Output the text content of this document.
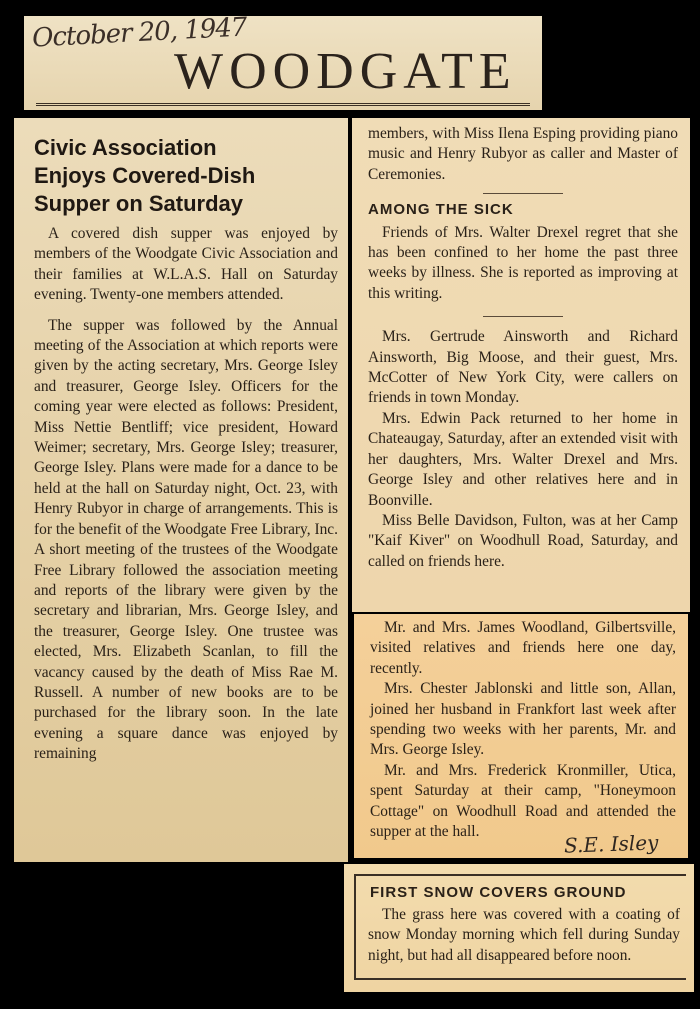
October 20, 1947
WOODGATE
Civic Association
Enjoys Covered-Dish
Supper on Saturday

A covered dish supper was enjoyed by members of the Woodgate Civic Association and their families at W.L.A.S. Hall on Saturday evening. Twenty-one members attended.

The supper was followed by the Annual meeting of the Association at which reports were given by the acting secretary, Mrs. George Isley and treasurer, George Isley. Officers for the coming year were elected as follows: President, Miss Nettie Bentliff; vice president, Howard Weimer; secretary, Mrs. George Isley; treasurer, George Isley. Plans were made for a dance to be held at the hall on Saturday night, Oct. 23, with Henry Rubyor in charge of arrangements. This is for the benefit of the Woodgate Free Library, Inc. A short meeting of the trustees of the Woodgate Free Library followed the association meeting and reports of the library were given by the secretary and librarian, Mrs. George Isley, and the treasurer, George Isley. One trustee was elected, Mrs. Elizabeth Scanlan, to fill the vacancy caused by the death of Miss Rae M. Russell. A number of new books are to be purchased for the library soon. In the late evening a square dance was enjoyed by remaining

members, with Miss Ilena Esping providing piano music and Henry Rubyor as caller and Master of Ceremonies.

AMONG THE SICK

Friends of Mrs. Walter Drexel regret that she has been confined to her home the past three weeks by illness. She is reported as improving at this writing.

Mrs. Gertrude Ainsworth and Richard Ainsworth, Big Moose, and their guest, Mrs. McCotter of New York City, were callers on friends in town Monday.

Mrs. Edwin Pack returned to her home in Chateaugay, Saturday, after an extended visit with her daughters, Mrs. Walter Drexel and Mrs. George Isley and other relatives here and in Boonville.

Miss Belle Davidson, Fulton, was at her Camp "Kaif Kiver" on Woodhull Road, Saturday, and called on friends here.

Mr. and Mrs. James Woodland, Gilbertsville, visited relatives and friends here one day, recently.

Mrs. Chester Jablonski and little son, Allan, joined her husband in Frankfort last week after spending two weeks with her parents, Mr. and Mrs. George Isley.

Mr. and Mrs. Frederick Kronmiller, Utica, spent Saturday at their camp, "Honeymoon Cottage" on Woodhull Road and attended the supper at the hall.	S.E. Isley
FIRST SNOW COVERS GROUND

The grass here was covered with a coating of snow Monday morning which fell during Sunday night, but had all disappeared before noon.
